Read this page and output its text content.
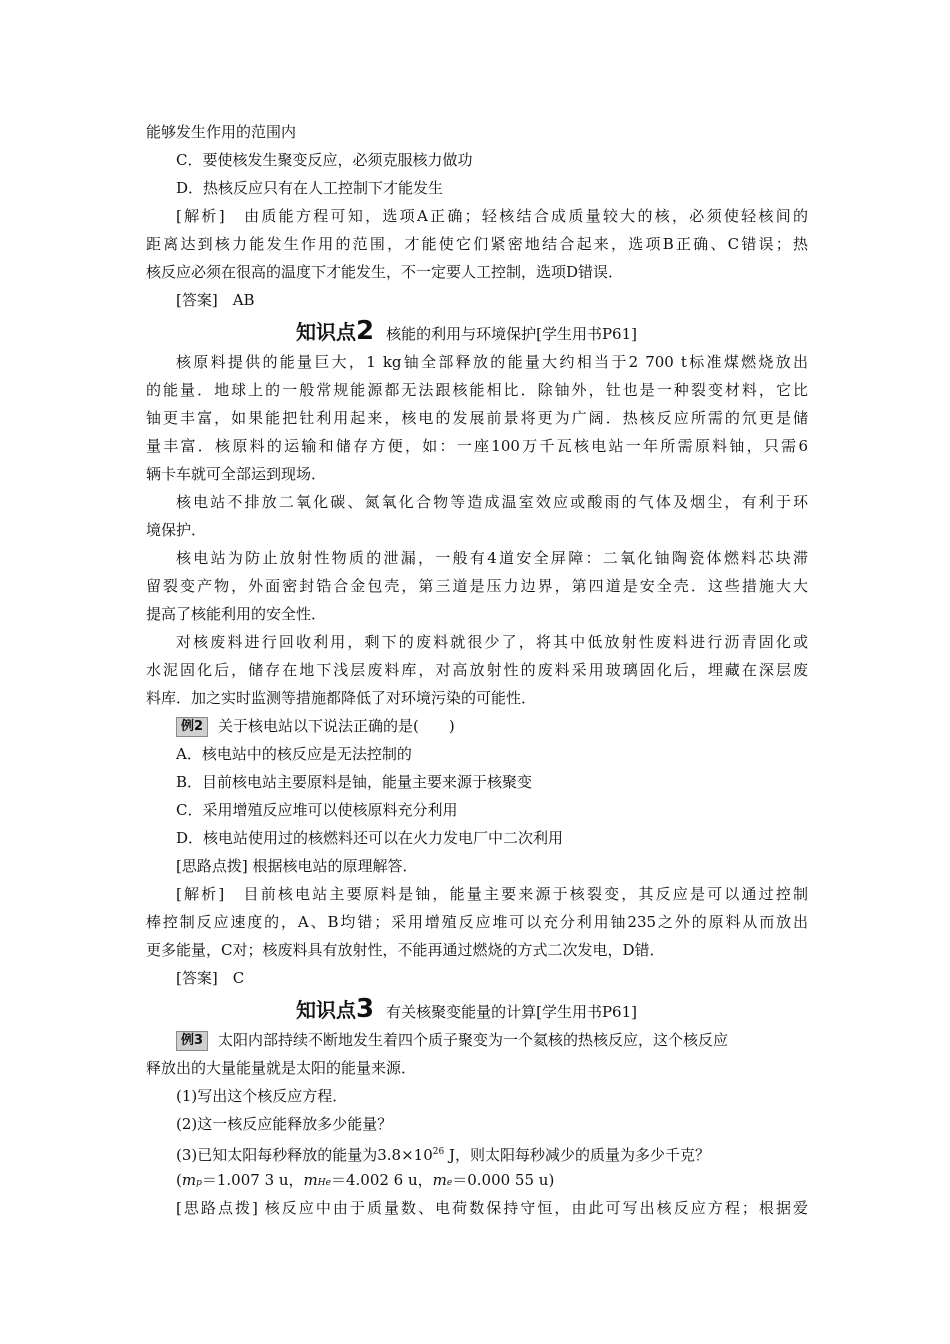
能够发生作用的范围内
C．要使核发生聚变反应，必须克服核力做功
D．热核反应只有在人工控制下才能发生
[解析]　由质能方程可知，选项A正确；轻核结合成质量较大的核，必须使轻核间的
距离达到核力能发生作用的范围，才能使它们紧密地结合起来，选项B正确、C错误；热
核反应必须在很高的温度下才能发生，不一定要人工控制，选项D错误．
[答案]　AB
知识点2 核能的利用与环境保护[学生用书P61]
核原料提供的能量巨大，1 kg铀全部释放的能量大约相当于2 700 t标准煤燃烧放出
的能量．地球上的一般常规能源都无法跟核能相比．除铀外，钍也是一种裂变材料，它比
铀更丰富，如果能把钍利用起来，核电的发展前景将更为广阔．热核反应所需的氘更是储
量丰富．核原料的运输和储存方便，如：一座100万千瓦核电站一年所需原料铀，只需6
辆卡车就可全部运到现场．
核电站不排放二氧化碳、氮氧化合物等造成温室效应或酸雨的气体及烟尘，有利于环
境保护．
核电站为防止放射性物质的泄漏，一般有4道安全屏障：二氧化铀陶瓷体燃料芯块滞
留裂变产物，外面密封锆合金包壳，第三道是压力边界，第四道是安全壳．这些措施大大
提高了核能利用的安全性．
对核废料进行回收利用，剩下的废料就很少了，将其中低放射性废料进行沥青固化或
水泥固化后，储存在地下浅层废料库，对高放射性的废料采用玻璃固化后，埋藏在深层废
料库．加之实时监测等措施都降低了对环境污染的可能性．
例2 关于核电站以下说法正确的是(　　)
A．核电站中的核反应是无法控制的
B．目前核电站主要原料是铀，能量主要来源于核聚变
C．采用增殖反应堆可以使核原料充分利用
D．核电站使用过的核燃料还可以在火力发电厂中二次利用
[思路点拨] 根据核电站的原理解答．
[解析]　目前核电站主要原料是铀，能量主要来源于核裂变，其反应是可以通过控制
棒控制反应速度的，A、B均错；采用增殖反应堆可以充分利用铀235之外的原料从而放出
更多能量，C对；核废料具有放射性，不能再通过燃烧的方式二次发电，D错．
[答案]　C
知识点3 有关核聚变能量的计算[学生用书P61]
例3 太阳内部持续不断地发生着四个质子聚变为一个氦核的热核反应，这个核反应
释放出的大量能量就是太阳的能量来源．
(1)写出这个核反应方程．
(2)这一核反应能释放多少能量？
(3)已知太阳每秒释放的能量为$3.8\times 10^{26}$ J，则太阳每秒减少的质量为多少千克？
(mp＝1.007 3 u，mHe＝4.002 6 u，me＝0.000 55 u)
[思路点拨] 核反应中由于质量数、电荷数保持守恒，由此可写出核反应方程；根据爱
